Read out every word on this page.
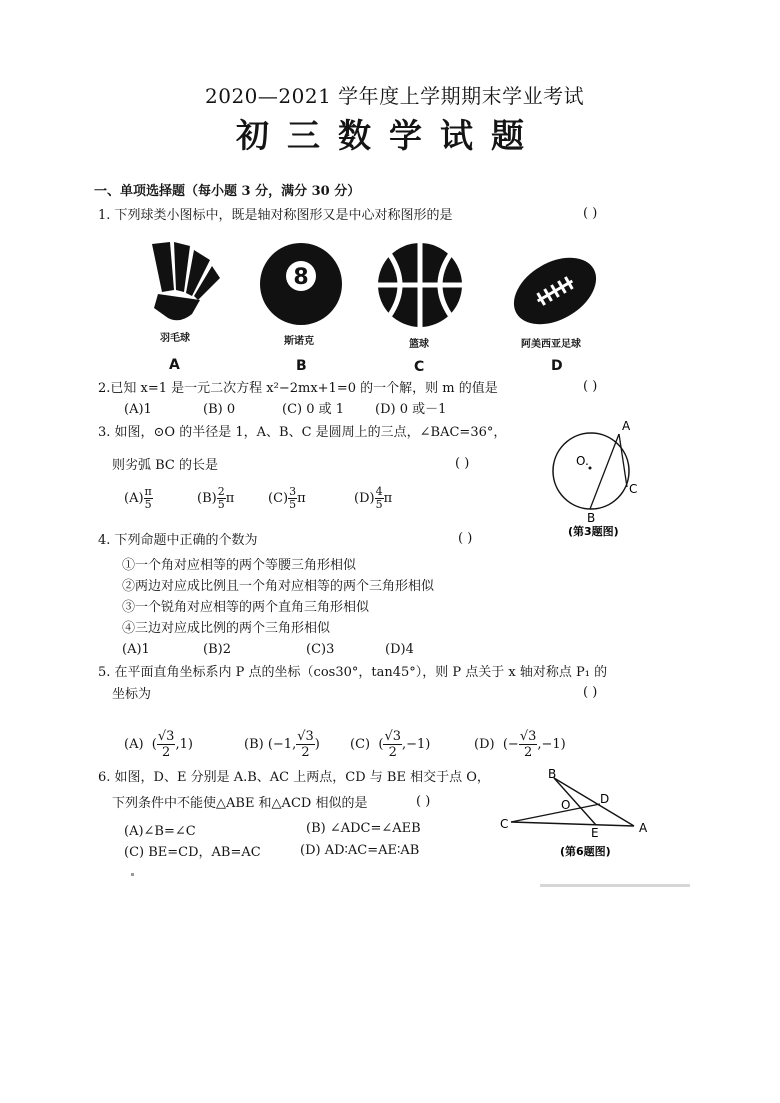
2020—2021 学年度上学期期末学业考试
初三数学试题
一、单项选择题（每小题 3 分，满分 30 分）
1. 下列球类小图标中，既是轴对称图形又是中心对称图形的是	( )
8
羽毛球	斯诺克	篮球	阿美西亚足球
A	B	C	D
2.已知 x=1 是一元二次方程 x²−2mx+1=0 的一个解，则 m 的值是	( )
(A)1	(B) 0	(C) 0 或 1 (D) 0 或－1
3. 如图，⊙O 的半径是 1，A、B、C 是圆周上的三点，∠BAC=36°，
则劣弧 BC 的长是	( )
$(A) \frac{\pi}{5}$	$(B) \frac{2}{5}$ π	$(C) \frac{3}{5}$ π	$(D) \frac{4}{5}$ π
A
B
C
O.
(第3题图)
4. 下列命题中正确的个数为	( )
①一个角对应相等的两个等腰三角形相似
②两边对应成比例且一个角对应相等的两个三角形相似
③一个锐角对应相等的两个直角三角形相似
④三边对应成比例的两个三角形相似
(A)1	(B)2	(C)3	(D)4
5. 在平面直角坐标系内 P 点的坐标（cos30°，tan45°），则 P 点关于 x 轴对称点 P₁ 的
坐标为	( )
(A)  ( $\frac{√3}{2} ,1$)	(B) (−1, $\frac{√3}{2}$ ) (C)  ( $\frac{√3}{2} ,-1$)	(D) (− $\frac{√3}{2} ,-1$)
6. 如图，D、E 分别是 A.B、AC 上两点，CD 与 BE 相交于点 O，
下列条件中不能使△ABE 和△ACD 相似的是	( )
(A)∠B=∠C	(B) ∠ADC=∠AEB
(C) BE=CD，AB=AC	(D) AD∶AC=AE∶AB
B
C	A
D
E
O
(第6题图)
